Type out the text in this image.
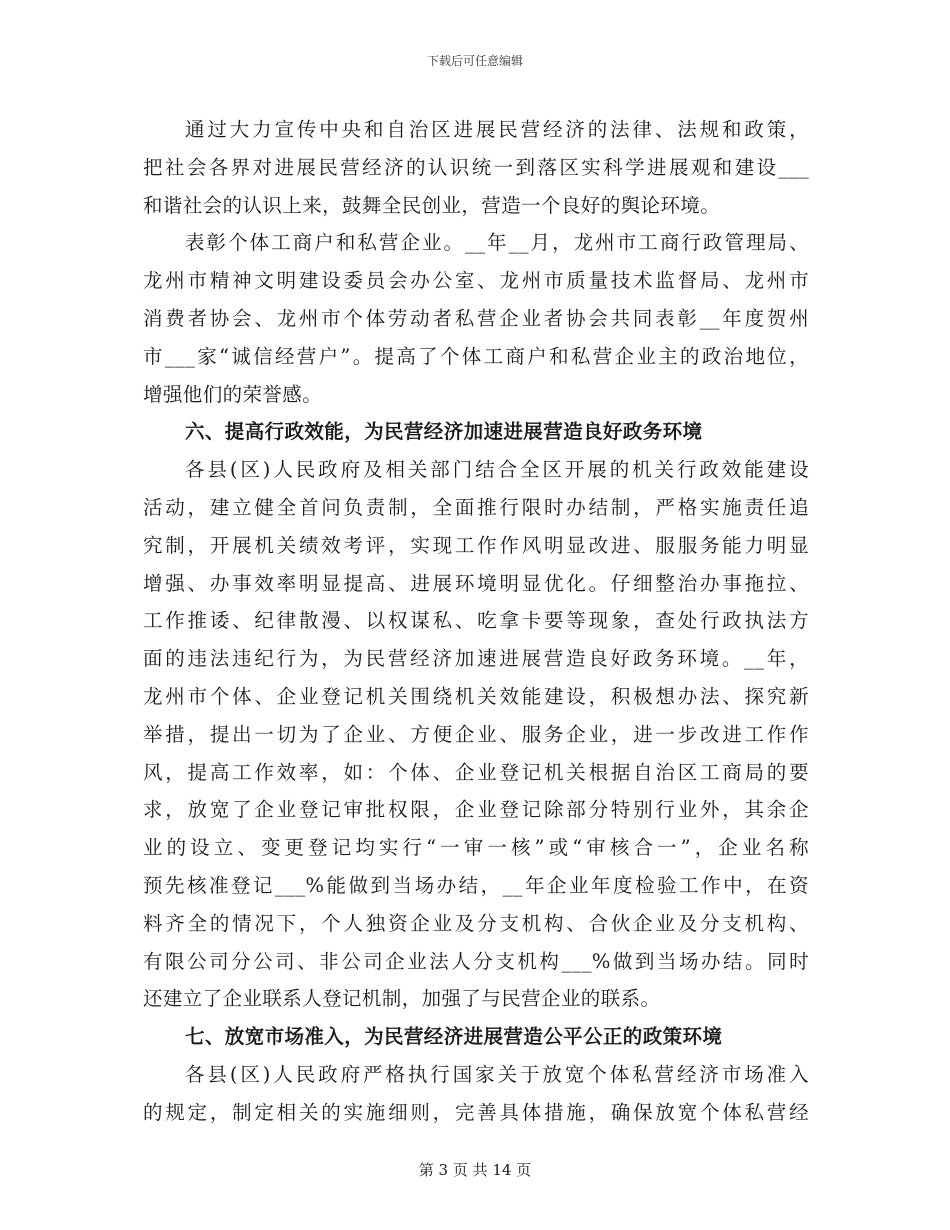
下载后可任意编辑
通过大力宣传中央和自治区进展民营经济的法律、法规和政策，
把社会各界对进展民营经济的认识统一到落区实科学进展观和建设___
和谐社会的认识上来，鼓舞全民创业，营造一个良好的舆论环境。
表彰个体工商户和私营企业。__年__月，龙州市工商行政管理局、
龙州市精神文明建设委员会办公室、龙州市质量技术监督局、龙州市
消费者协会、龙州市个体劳动者私营企业者协会共同表彰__年度贺州
市___家“诚信经营户”。提高了个体工商户和私营企业主的政治地位，
增强他们的荣誉感。
六、提高行政效能，为民营经济加速进展营造良好政务环境
各县(区)人民政府及相关部门结合全区开展的机关行政效能建设
活动，建立健全首问负责制，全面推行限时办结制，严格实施责任追
究制，开展机关绩效考评，实现工作作风明显改进、服服务能力明显
增强、办事效率明显提高、进展环境明显优化。仔细整治办事拖拉、
工作推诿、纪律散漫、以权谋私、吃拿卡要等现象，查处行政执法方
面的违法违纪行为，为民营经济加速进展营造良好政务环境。__年，
龙州市个体、企业登记机关围绕机关效能建设，积极想办法、探究新
举措，提出一切为了企业、方便企业、服务企业，进一步改进工作作
风，提高工作效率，如：个体、企业登记机关根据自治区工商局的要
求，放宽了企业登记审批权限，企业登记除部分特别行业外，其余企
业的设立、变更登记均实行“一审一核”或“审核合一”，企业名称
预先核准登记___%能做到当场办结，__年企业年度检验工作中，在资
料齐全的情况下，个人独资企业及分支机构、合伙企业及分支机构、
有限公司分公司、非公司企业法人分支机构___%做到当场办结。同时
还建立了企业联系人登记机制，加强了与民营企业的联系。
七、放宽市场准入，为民营经济进展营造公平公正的政策环境
各县(区)人民政府严格执行国家关于放宽个体私营经济市场准入
的规定，制定相关的实施细则，完善具体措施，确保放宽个体私营经
第 3 页 共 14 页
